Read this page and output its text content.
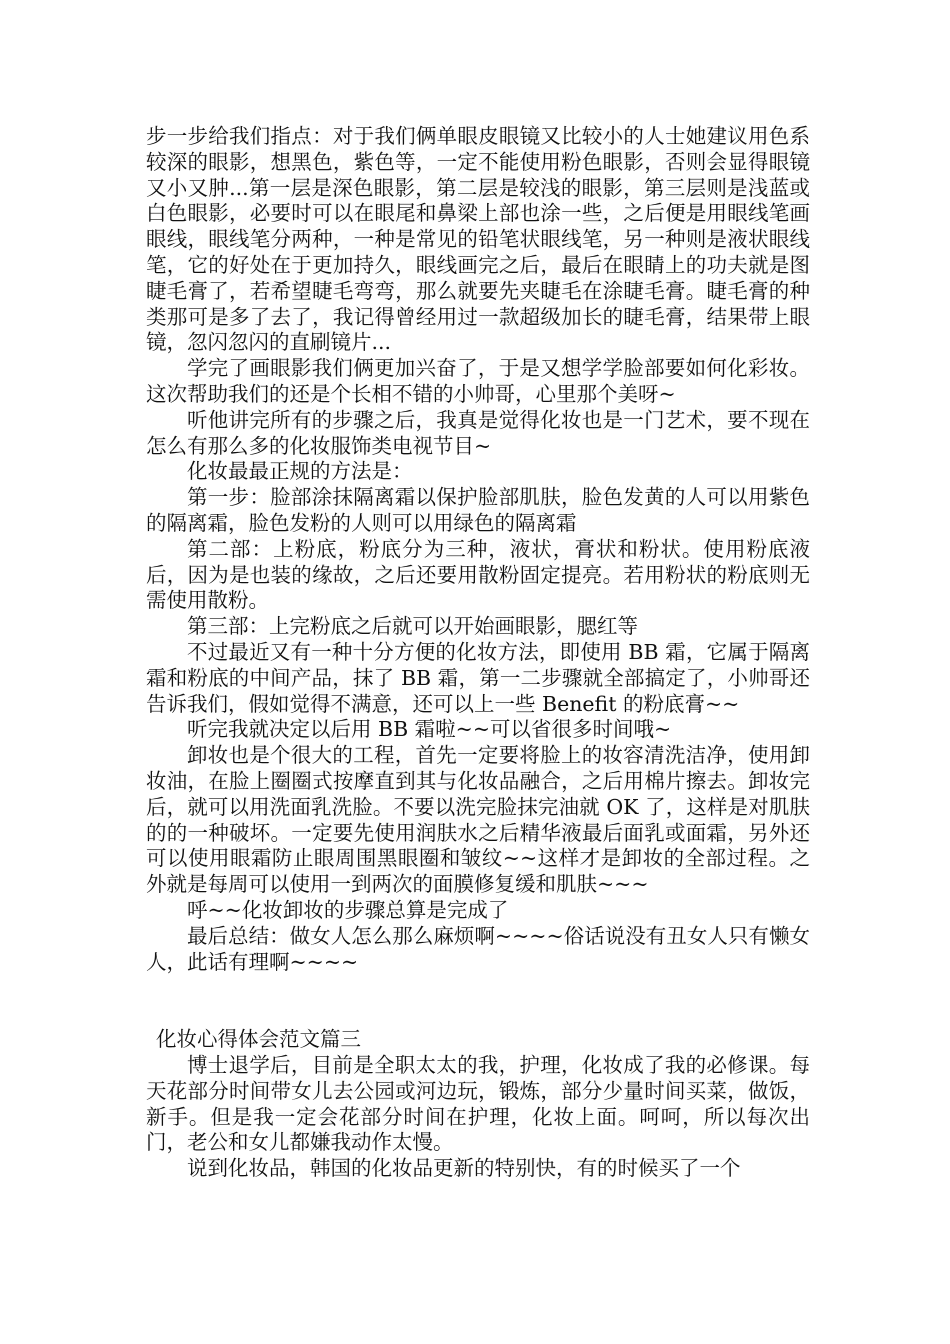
步一步给我们指点：对于我们俩单眼皮眼镜又比较小的人士她建议用色系较深的眼影，想黑色，紫色等，一定不能使用粉色眼影，否则会显得眼镜又小又肿...第一层是深色眼影，第二层是较浅的眼影，第三层则是浅蓝或白色眼影，必要时可以在眼尾和鼻梁上部也涂一些，之后便是用眼线笔画眼线，眼线笔分两种，一种是常见的铅笔状眼线笔，另一种则是液状眼线笔，它的好处在于更加持久，眼线画完之后，最后在眼睛上的功夫就是图睫毛膏了，若希望睫毛弯弯，那么就要先夹睫毛在涂睫毛膏。睫毛膏的种类那可是多了去了，我记得曾经用过一款超级加长的睫毛膏，结果带上眼镜，忽闪忽闪的直刷镜片...

学完了画眼影我们俩更加兴奋了，于是又想学学脸部要如何化彩妆。这次帮助我们的还是个长相不错的小帅哥，心里那个美呀~

听他讲完所有的步骤之后，我真是觉得化妆也是一门艺术，要不现在怎么有那么多的化妆服饰类电视节目~

化妆最最正规的方法是：

第一步：脸部涂抹隔离霜以保护脸部肌肤，脸色发黄的人可以用紫色的隔离霜，脸色发粉的人则可以用绿色的隔离霜

第二部：上粉底，粉底分为三种，液状，膏状和粉状。使用粉底液后，因为是也装的缘故，之后还要用散粉固定提亮。若用粉状的粉底则无需使用散粉。

第三部：上完粉底之后就可以开始画眼影，腮红等

不过最近又有一种十分方便的化妆方法，即使用 BB 霜，它属于隔离霜和粉底的中间产品，抹了 BB 霜，第一二步骤就全部搞定了，小帅哥还告诉我们，假如觉得不满意，还可以上一些 Benefit 的粉底膏~~

听完我就决定以后用 BB 霜啦~~可以省很多时间哦~

卸妆也是个很大的工程，首先一定要将脸上的妆容清洗洁净，使用卸妆油，在脸上圈圈式按摩直到其与化妆品融合，之后用棉片擦去。卸妆完后，就可以用洗面乳洗脸。不要以洗完脸抹完油就 OK 了，这样是对肌肤的的一种破坏。一定要先使用润肤水之后精华液最后面乳或面霜，另外还可以使用眼霜防止眼周围黑眼圈和皱纹~~这样才是卸妆的全部过程。之外就是每周可以使用一到两次的面膜修复缓和肌肤~~~

呼~~化妆卸妆的步骤总算是完成了

最后总结：做女人怎么那么麻烦啊~~~~俗话说没有丑女人只有懒女人，此话有理啊~~~~

化妆心得体会范文篇三

博士退学后，目前是全职太太的我，护理，化妆成了我的必修课。每天花部分时间带女儿去公园或河边玩，锻炼，部分少量时间买菜，做饭，新手。但是我一定会花部分时间在护理，化妆上面。呵呵，所以每次出门，老公和女儿都嫌我动作太慢。

说到化妆品，韩国的化妆品更新的特别快，有的时候买了一个
